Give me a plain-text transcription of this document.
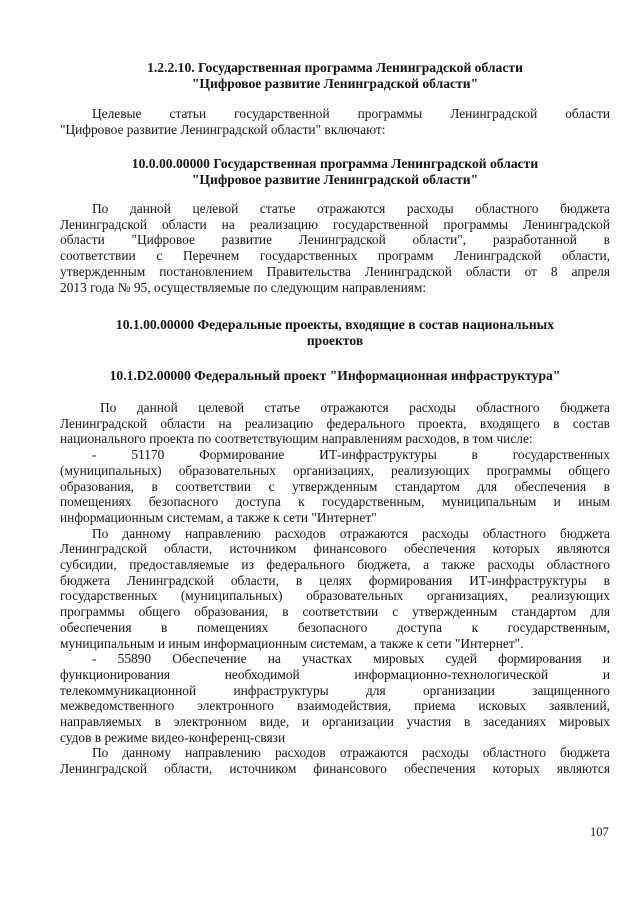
1.2.2.10. Государственная программа Ленинградской области
"Цифровое развитие Ленинградской области"
Целевые статьи государственной программы Ленинградской области
"Цифровое развитие Ленинградской области" включают:
10.0.00.00000 Государственная программа Ленинградской области
"Цифровое развитие Ленинградской области"
По данной целевой статье отражаются расходы областного бюджета
Ленинградской области на реализацию государственной программы Ленинградской
области "Цифровое развитие Ленинградской области", разработанной в
соответствии с Перечнем государственных программ Ленинградской области,
утвержденным постановлением Правительства Ленинградской области от 8 апреля
2013 года № 95, осуществляемые по следующим направлениям:
10.1.00.00000 Федеральные проекты, входящие в состав национальных
проектов
10.1.D2.00000 Федеральный проект "Информационная инфраструктура"
По данной целевой статье отражаются расходы областного бюджета
Ленинградской области на реализацию федерального проекта, входящего в состав
национального проекта по соответствующим направлениям расходов, в том числе:
- 51170 Формирование ИТ-инфраструктуры в государственных
(муниципальных) образовательных организациях, реализующих программы общего
образования, в соответствии с утвержденным стандартом для обеспечения в
помещениях безопасного доступа к государственным, муниципальным и иным
информационным системам, а также к сети "Интернет"
По данному направлению расходов отражаются расходы областного бюджета
Ленинградской области, источником финансового обеспечения которых являются
субсидии, предоставляемые из федерального бюджета, а также расходы областного
бюджета Ленинградской области, в целях формирования ИТ-инфраструктуры в
государственных (муниципальных) образовательных организациях, реализующих
программы общего образования, в соответствии с утвержденным стандартом для
обеспечения в помещениях безопасного доступа к государственным,
муниципальным и иным информационным системам, а также к сети "Интернет".
- 55890 Обеспечение на участках мировых судей формирования и
функционирования необходимой информационно-технологической и
телекоммуникационной инфраструктуры для организации защищенного
межведомственного электронного взаимодействия, приема исковых заявлений,
направляемых в электронном виде, и организации участия в заседаниях мировых
судов в режиме видео-конференц-связи
По данному направлению расходов отражаются расходы областного бюджета
Ленинградской области, источником финансового обеспечения которых являются
107
